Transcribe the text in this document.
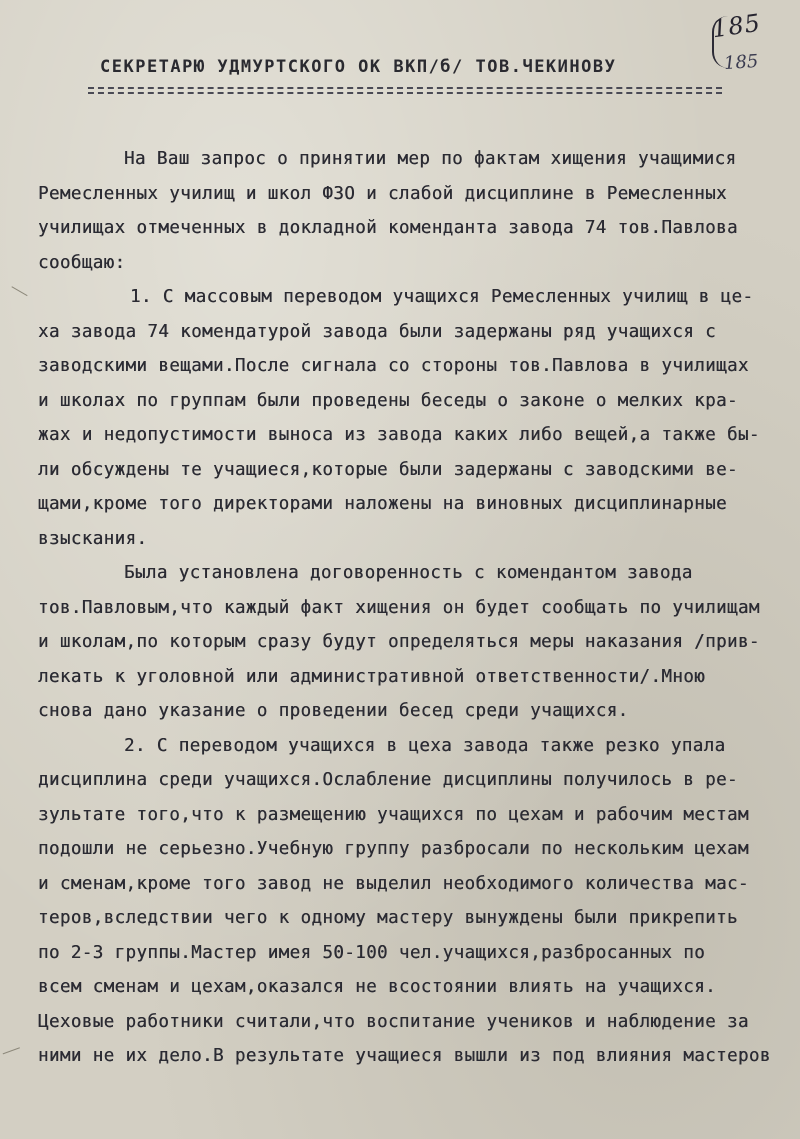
185
185
СЕКРЕТАРЮ УДМУРТСКОГО ОК ВКП/б/ ТОВ.ЧЕКИНОВУ
На Ваш запрос о принятии мер по фактам хищения учащимися
Ремесленных училищ и школ ФЗО и слабой дисциплине в Ремесленных
училищах отмеченных в докладной коменданта завода 74 тов.Павлова
сообщаю:
1. С массовым переводом учащихся Ремесленных училищ в це-
ха завода 74 комендатурой завода были задержаны ряд учащихся с
заводскими вещами.После сигнала со стороны тов.Павлова в училищах
и школах по группам были проведены беседы о законе о мелких кра-
жах и недопустимости выноса из завода каких либо вещей,а также бы-
ли обсуждены те учащиеся,которые были задержаны с заводскими ве-
щами,кроме того директорами наложены на виновных дисциплинарные
взыскания.
Была установлена договоренность с комендантом завода
тов.Павловым,что каждый факт хищения он будет сообщать по училищам
и школам,по которым сразу будут определяться меры наказания /прив-
лекать к уголовной или административной ответственности/.Мною
снова дано указание о проведении бесед среди учащихся.
2. С переводом учащихся в цеха завода также резко упала
дисциплина среди учащихся.Ослабление дисциплины получилось в ре-
зультате того,что к размещению учащихся по цехам и рабочим местам
подошли не серьезно.Учебную группу разбросали по нескольким цехам
и сменам,кроме того завод не выделил необходимого количества мас-
теров,вследствии чего к одному мастеру вынуждены были прикрепить
по 2-3 группы.Мастер имея 50-100 чел.учащихся,разбросанных по
всем сменам и цехам,оказался не всостоянии влиять на учащихся.
Цеховые работники считали,что воспитание учеников и наблюдение за
ними не их дело.В результате учащиеся вышли из под влияния мастеров
